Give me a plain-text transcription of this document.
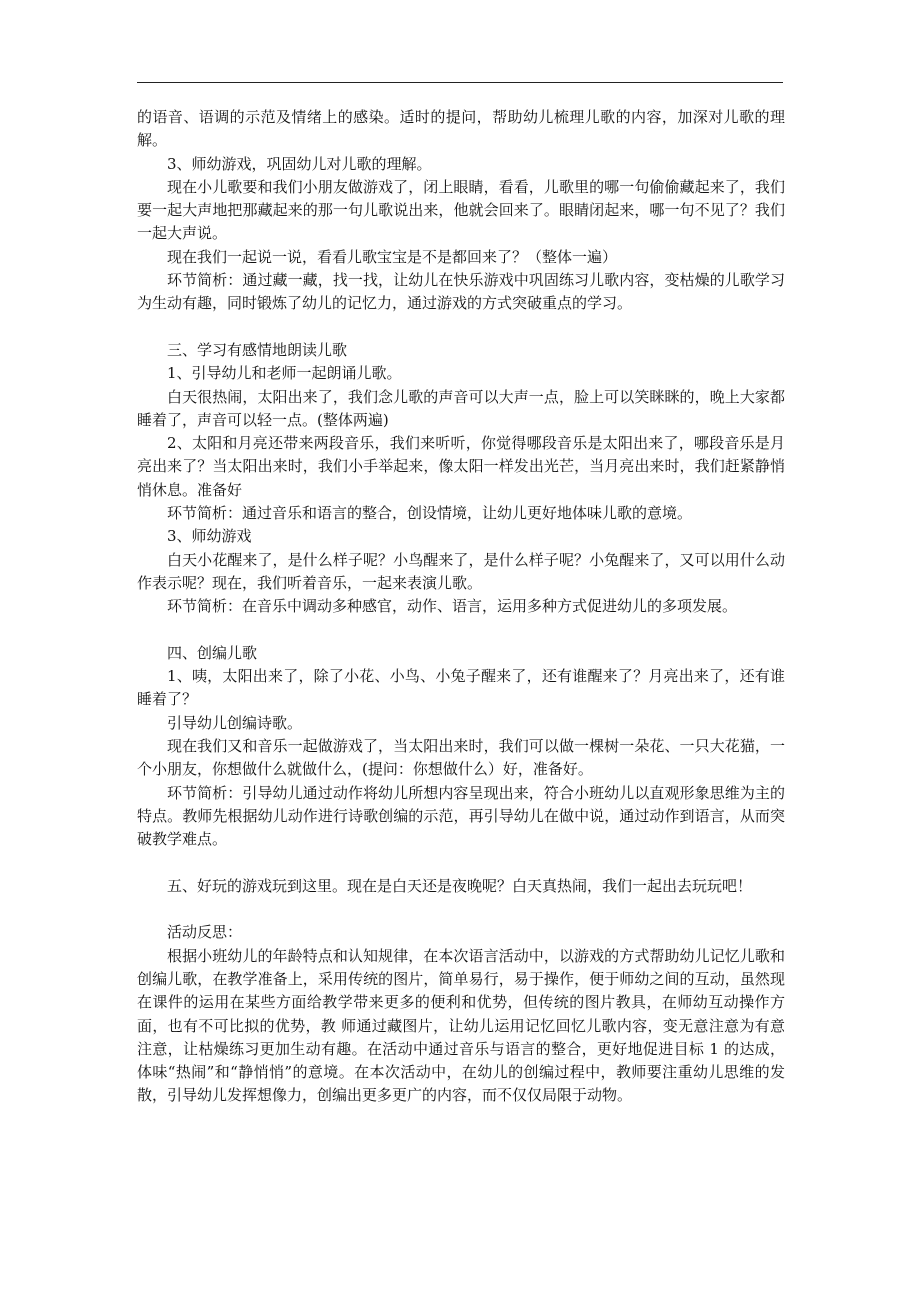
的语音、语调的示范及情绪上的感染。适时的提问，帮助幼儿梳理儿歌的内容，加深对儿歌的理解。

3、师幼游戏，巩固幼儿对儿歌的理解。

现在小儿歌要和我们小朋友做游戏了，闭上眼睛，看看，儿歌里的哪一句偷偷藏起来了，我们要一起大声地把那藏起来的那一句儿歌说出来，他就会回来了。眼睛闭起来，哪一句不见了？我们一起大声说。

现在我们一起说一说，看看儿歌宝宝是不是都回来了？（整体一遍）

环节简析：通过藏一藏，找一找，让幼儿在快乐游戏中巩固练习儿歌内容，变枯燥的儿歌学习为生动有趣，同时锻炼了幼儿的记忆力，通过游戏的方式突破重点的学习。

三、学习有感情地朗读儿歌

1、引导幼儿和老师一起朗诵儿歌。

白天很热闹，太阳出来了，我们念儿歌的声音可以大声一点，脸上可以笑眯眯的，晚上大家都睡着了，声音可以轻一点。(整体两遍)

2、太阳和月亮还带来两段音乐，我们来听听，你觉得哪段音乐是太阳出来了，哪段音乐是月亮出来了？当太阳出来时，我们小手举起来，像太阳一样发出光芒，当月亮出来时，我们赶紧静悄悄休息。准备好

环节简析：通过音乐和语言的整合，创设情境，让幼儿更好地体味儿歌的意境。

3、师幼游戏

白天小花醒来了，是什么样子呢？小鸟醒来了，是什么样子呢？小兔醒来了，又可以用什么动作表示呢？现在，我们听着音乐，一起来表演儿歌。

环节简析：在音乐中调动多种感官，动作、语言，运用多种方式促进幼儿的多项发展。

四、创编儿歌

1、咦，太阳出来了，除了小花、小鸟、小兔子醒来了，还有谁醒来了？月亮出来了，还有谁睡着了？

引导幼儿创编诗歌。

现在我们又和音乐一起做游戏了，当太阳出来时，我们可以做一棵树一朵花、一只大花猫，一个小朋友，你想做什么就做什么，(提问：你想做什么）好，准备好。

环节简析：引导幼儿通过动作将幼儿所想内容呈现出来，符合小班幼儿以直观形象思维为主的特点。教师先根据幼儿动作进行诗歌创编的示范，再引导幼儿在做中说，通过动作到语言，从而突破教学难点。

五、好玩的游戏玩到这里。现在是白天还是夜晚呢？白天真热闹，我们一起出去玩玩吧！

活动反思：

根据小班幼儿的年龄特点和认知规律，在本次语言活动中，以游戏的方式帮助幼儿记忆儿歌和创编儿歌，在教学准备上，采用传统的图片，简单易行，易于操作，便于师幼之间的互动，虽然现在课件的运用在某些方面给教学带来更多的便利和优势，但传统的图片教具，在师幼互动操作方面，也有不可比拟的优势，教 师通过藏图片，让幼儿运用记忆回忆儿歌内容，变无意注意为有意注意，让枯燥练习更加生动有趣。在活动中通过音乐与语言的整合，更好地促进目标 1 的达成，体味“热闹”和“静悄悄”的意境。在本次活动中，在幼儿的创编过程中，教师要注重幼儿思维的发散，引导幼儿发挥想像力，创编出更多更广的内容，而不仅仅局限于动物。
